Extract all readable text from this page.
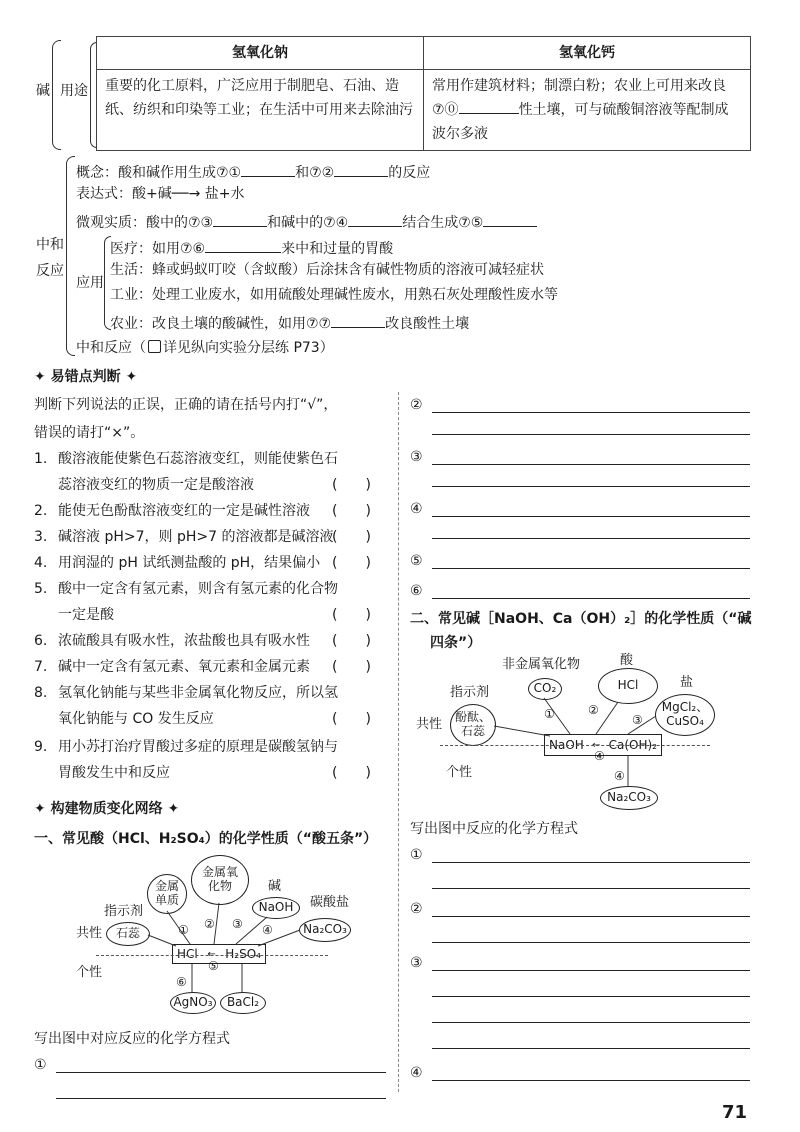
碱 用途
氢氧化钠	氢氧化钙
重要的化工原料，广泛应用于制肥皂、石油、造纸、纺织和印染等工业；在生活中可用来去除油污	常用作建筑材料；制漂白粉；农业上可用来改良 ⑦⓪ 性土壤，可与硫酸铜溶液等配制成波尔多液
中和
反应
概念：酸和碱作用生成⑦①	和⑦②	的反应
表达式：酸+碱──→ 盐+水
微观实质：酸中的⑦③	和碱中的⑦④	结合生成⑦⑤
应用
医疗：如用⑦⑥	来中和过量的胃酸
生活：蜂或蚂蚁叮咬（含蚁酸）后涂抹含有碱性物质的溶液可减轻症状
工业：处理工业废水，如用硫酸处理碱性废水，用熟石灰处理酸性废水等
农业：改良土壤的酸碱性，如用⑦⑦	改良酸性土壤
中和反应（ 详见纵向实验分层练 P73）
✦ 易错点判断 ✦
判断下列说法的正误，正确的请在括号内打“√”，
错误的请打“×”。
1. 酸溶液能使紫色石蕊溶液变红，则能使紫色石
蕊溶液变红的物质一定是酸溶液	(　　)
2. 能使无色酚酞溶液变红的一定是碱性溶液 (　　)
3. 碱溶液 pH>7，则 pH>7 的溶液都是碱溶液
(　　)
4. 用润湿的 pH 试纸测盐酸的 pH，结果偏小 (　　)
5. 酸中一定含有氢元素，则含有氢元素的化合物
一定是酸	(　　)
6. 浓硫酸具有吸水性，浓盐酸也具有吸水性 (　　)
7. 碱中一定含有氢元素、氧元素和金属元素 (　　)
8. 氢氧化钠能与某些非金属氧化物反应，所以氢
氧化钠能与 CO 发生反应	(　　)
9. 用小苏打治疗胃酸过多症的原理是碳酸氢钠与
胃酸发生中和反应	(　　)
✦ 构建物质变化网络 ✦
一、常见酸（HCl、H₂SO₄）的化学性质（“酸五条”）
指示剂
金属单质
金属氧化物	碱
NaOH 碳酸盐
Na₂CO₃
共性 石蕊
HCl ← H₂SO₄
个性
AgNO₃ BaCl₂
① ② ③ ④
⑤
⑥
写出图中对应反应的化学方程式
①
②
③
④
⑤
⑥
二、常见碱［NaOH、Ca（OH）₂］的化学性质（“碱
四条”）
非金属氧化物	酸
盐
指示剂	CO₂	HCl
MgCl₂、
CuSO₄
共性 酚酞、
石蕊
NaOH ← Ca(OH)₂
个性
Na₂CO₃
①	②
③
④
④
写出图中反应的化学方程式
①
②
③
④
71
